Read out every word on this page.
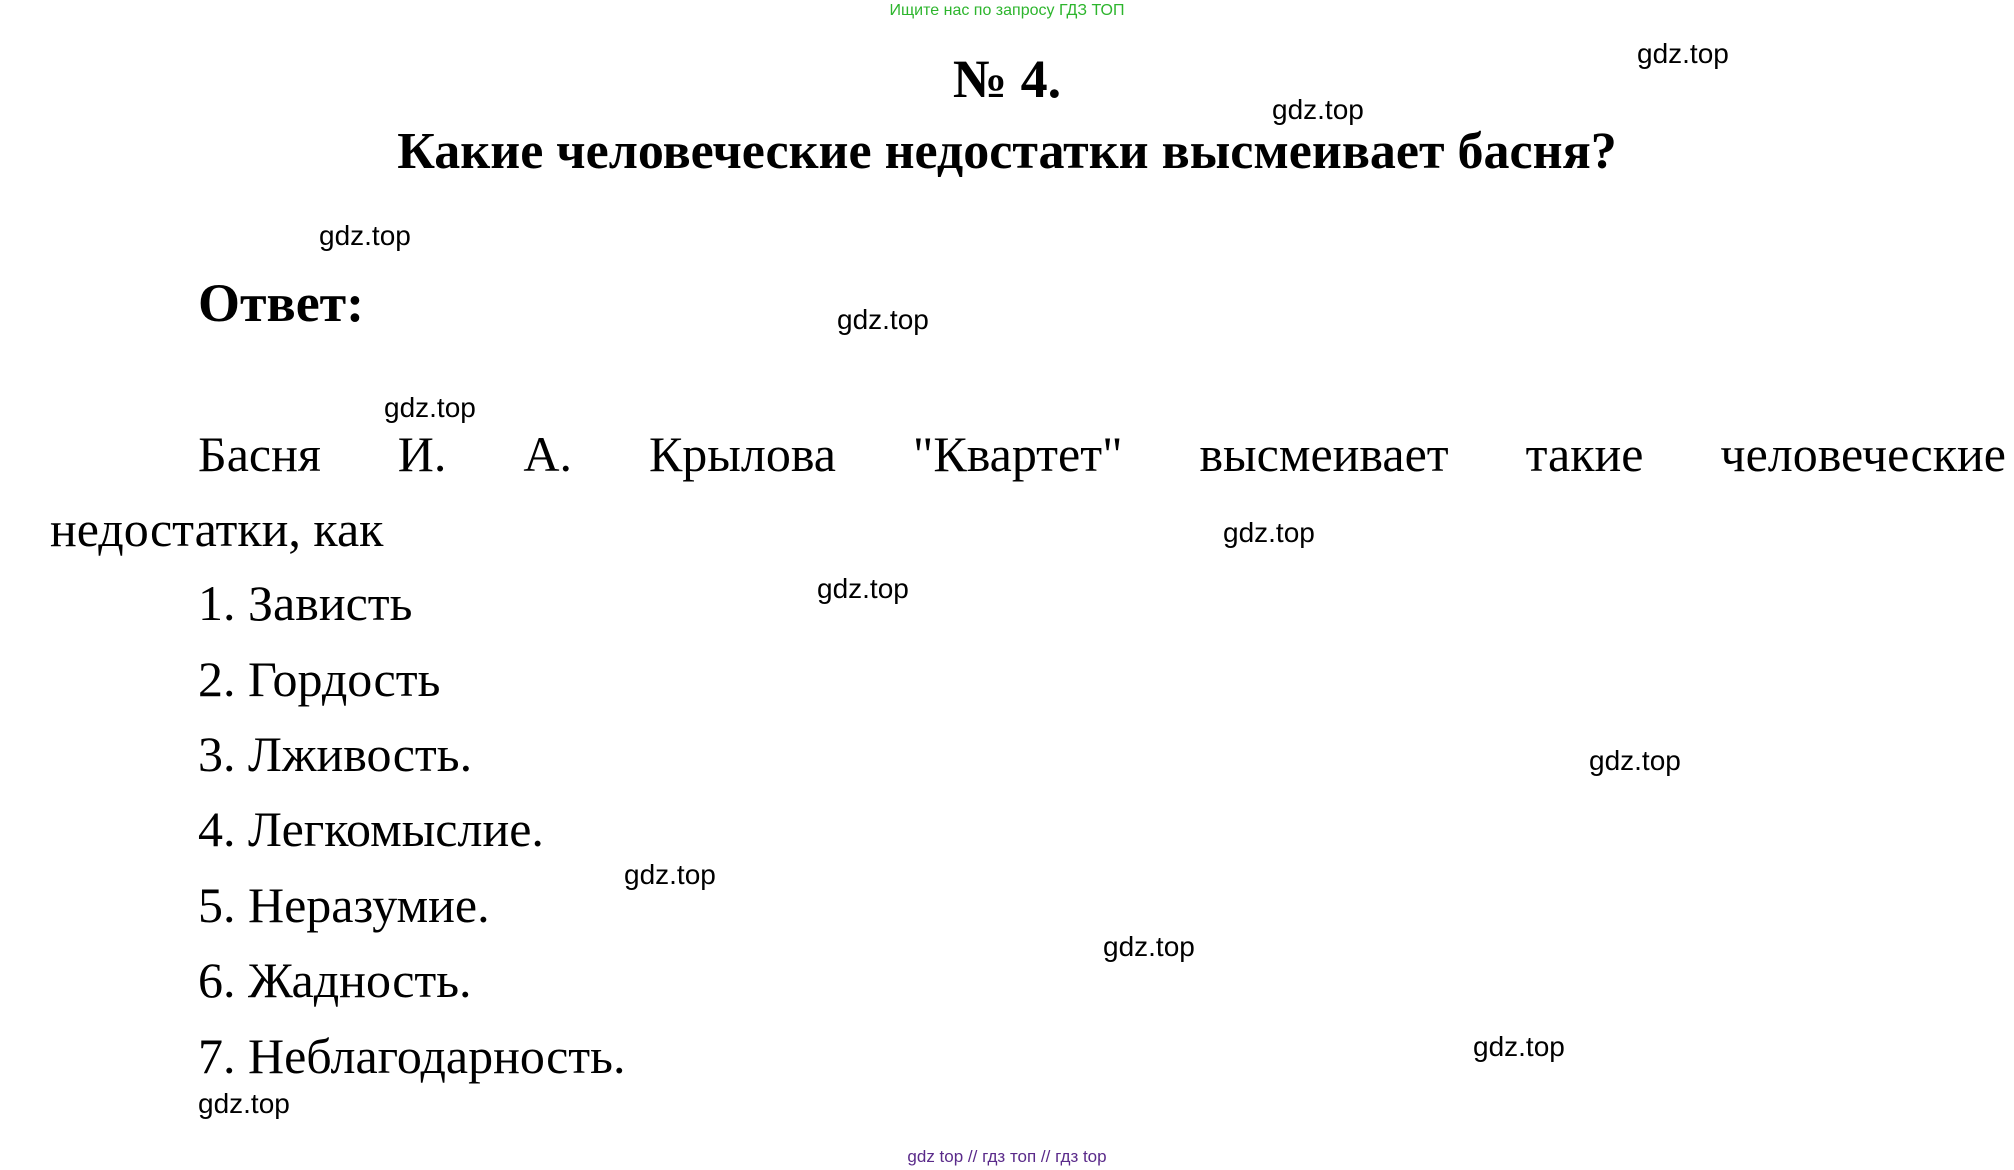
Ищите нас по запросу ГДЗ ТОП
№ 4.
Какие человеческие недостатки высмеивает басня?
Ответ:
Басня И. А. Крылова "Квартет" высмеивает такие человеческие
недостатки, как
1. Зависть
2. Гордость
3. Лживость.
4. Легкомыслие.
5. Неразумие.
6. Жадность.
7. Неблагодарность.
gdz.top
gdz.top
gdz.top
gdz.top
gdz.top
gdz.top
gdz.top
gdz.top
gdz.top
gdz.top
gdz.top
gdz.top
gdz top // гдз топ // гдз top
